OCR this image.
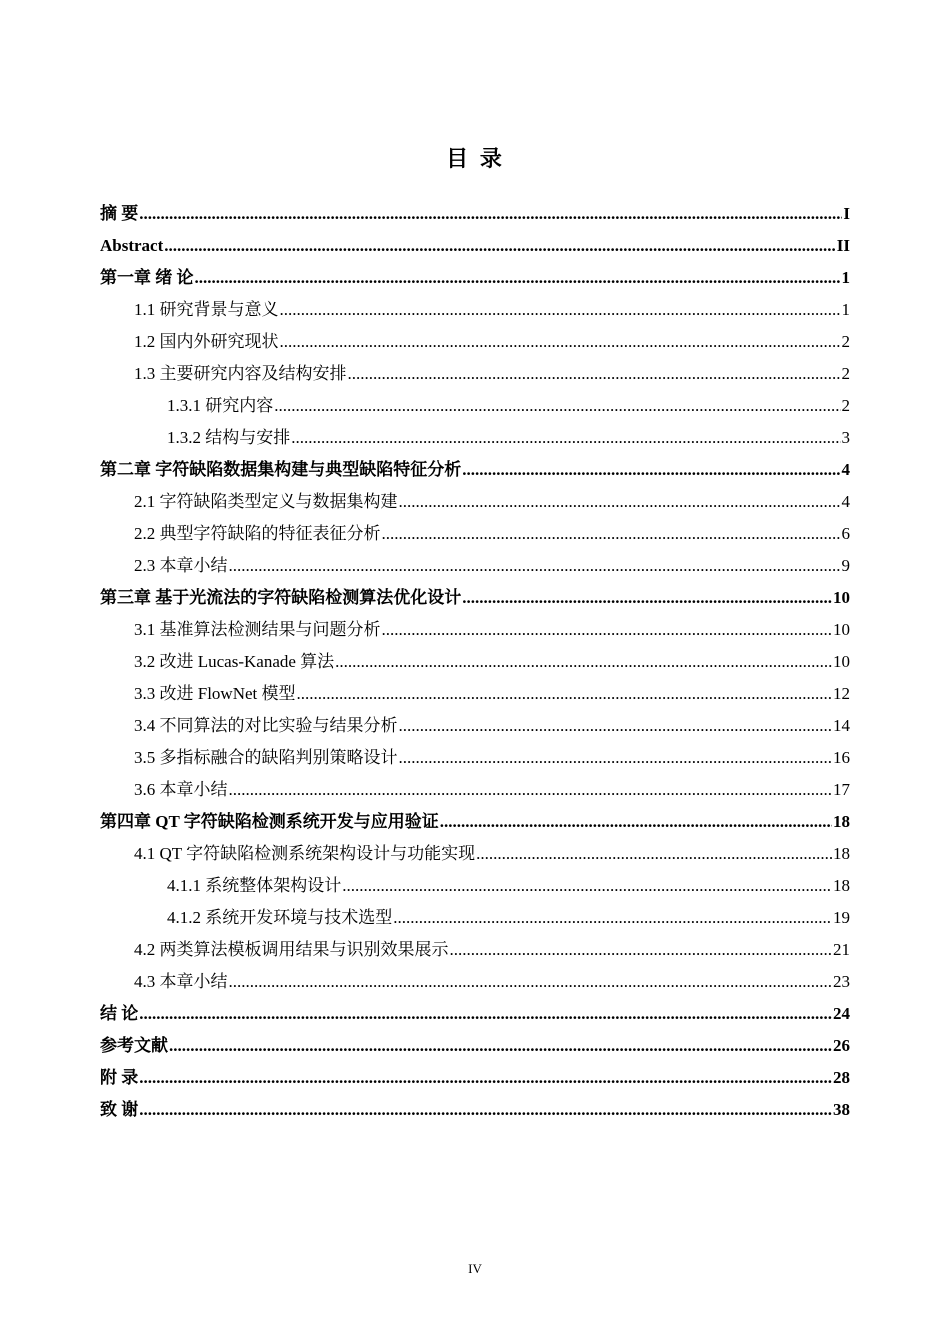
目 录
摘 要 .....	I
Abstract .....	II
第一章 绪 论 .....	1
1.1 研究背景与意义 .....	1
1.2 国内外研究现状 .....	2
1.3 主要研究内容及结构安排 .....	2
1.3.1 研究内容 .....	2
1.3.2 结构与安排 .....	3
第二章 字符缺陷数据集构建与典型缺陷特征分析 .....	4
2.1 字符缺陷类型定义与数据集构建 .....	4
2.2 典型字符缺陷的特征表征分析 .....	6
2.3 本章小结 .....	9
第三章 基于光流法的字符缺陷检测算法优化设计 .....	10
3.1 基准算法检测结果与问题分析 .....	10
3.2 改进 Lucas-Kanade 算法 .....	10
3.3 改进 FlowNet 模型 .....	12
3.4 不同算法的对比实验与结果分析 .....	14
3.5 多指标融合的缺陷判别策略设计 .....	16
3.6 本章小结 .....	17
第四章 QT 字符缺陷检测系统开发与应用验证 .....	18
4.1 QT 字符缺陷检测系统架构设计与功能实现 .....	18
4.1.1 系统整体架构设计 .....	18
4.1.2 系统开发环境与技术选型 .....	19
4.2 两类算法模板调用结果与识别效果展示 .....	21
4.3 本章小结 .....	23
结 论 .....	24
参考文献 .....	26
附 录 .....	28
致 谢 .....	38
IV
